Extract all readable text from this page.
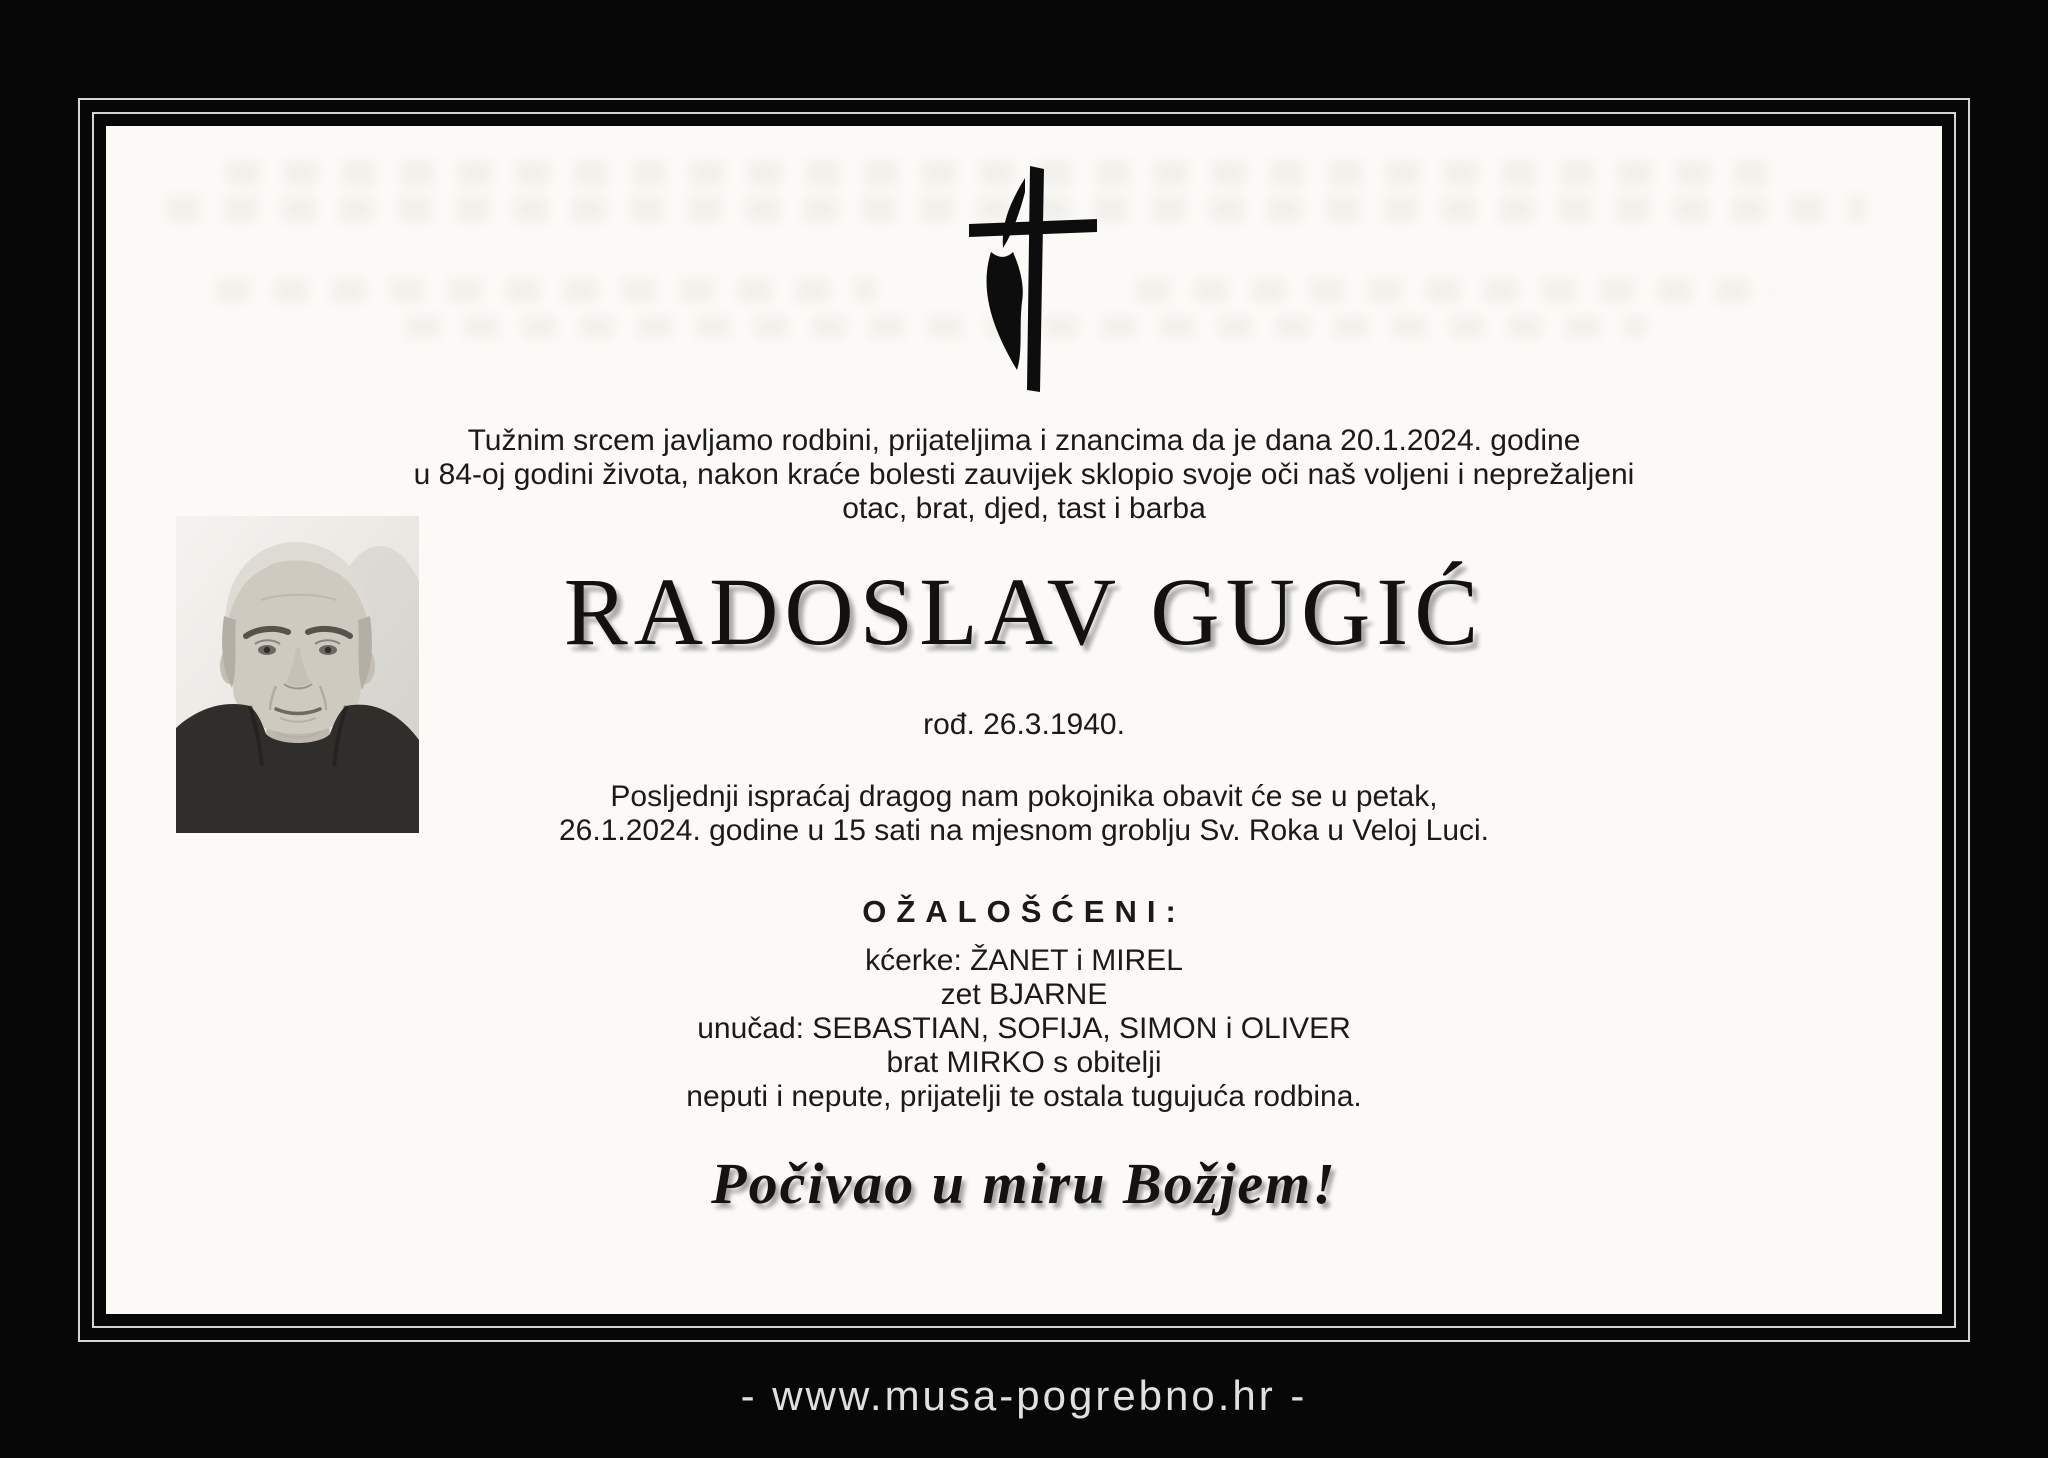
Tužnim srcem javljamo rodbini, prijateljima i znancima da je dana 20.1.2024. godine
u 84-oj godini života, nakon kraće bolesti zauvijek sklopio svoje oči naš voljeni i neprežaljeni
otac, brat, djed, tast i barba
RADOSLAV GUGIĆ
rođ. 26.3.1940.
Posljednji ispraćaj dragog nam pokojnika obavit će se u petak,
26.1.2024. godine u 15 sati na mjesnom groblju Sv. Roka u Veloj Luci.
OŽALOŠĆENI:
kćerke: ŽANET i MIREL
zet BJARNE
unučad: SEBASTIAN, SOFIJA, SIMON i OLIVER
brat MIRKO s obitelji
neputi i nepute, prijatelji te ostala tugujuća rodbina.
Počivao u miru Božjem!
- www.musa-pogrebno.hr -
